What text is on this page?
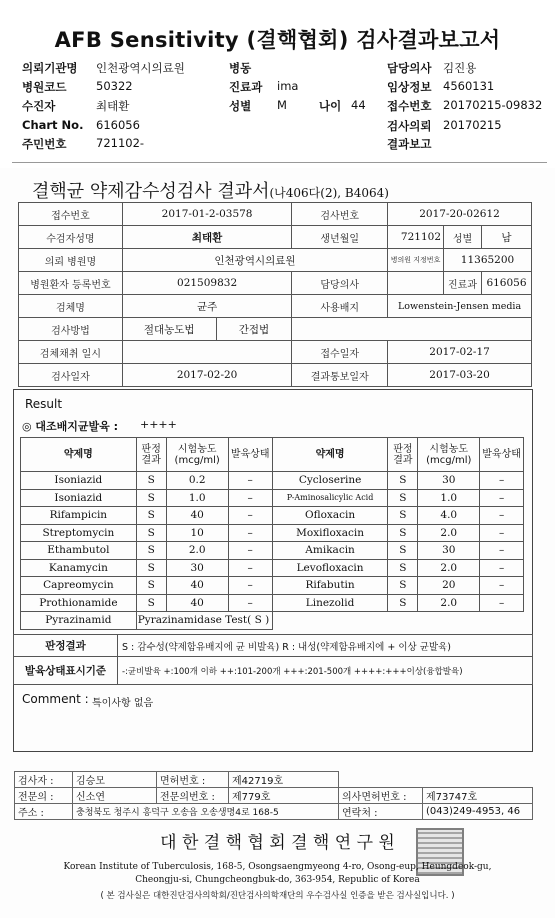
AFB Sensitivity (결핵협회) 검사결과보고서
의뢰기관명 인천광역시의료원
병원코드	50322
수진자	최태환
Chart No. 616056
주민번호	721102-
병동
진료과 ima
성별 M	나이 44
담당의사 김진용
임상정보 4560131
접수번호 20170215-09832
검사의뢰 20170215
결과보고
결핵균 약제감수성검사 결과서(나406다(2), B4064)
접수번호	2017-01-2-03578		검사번호	2017-20-02612		
수검자성명	최태환		생년월일	721102	성별	남
의뢰 병원명	인천광역시의료원			병의원 지정번호	11365200	
병원환자 등록번호	021509832		담당의사		진료과	616056
검체명	균주		사용배지	Lowenstein-Jensen media		
검사방법	절대농도법	간접법				
검체채취 일시			접수일자	2017-02-17		
검사일자	2017-02-20		결과통보일자	2017-03-20		
Result
◎ 대조배지균발육 : ++++
약제명	판정결과	시험농도(mcg/ml)	발육상태	약제명	판정결과	시험농도(mcg/ml)	발육상태
Isoniazid	S	0.2	–	Cycloserine	S	30	–
Isoniazid	S	1.0	–	P-Aminosalicylic Acid	S	1.0	–
Rifampicin	S	40	–	Ofloxacin	S	4.0	–
Streptomycin	S	10	–	Moxifloxacin	S	2.0	–
Ethambutol	S	2.0	–	Amikacin	S	30	–
Kanamycin	S	30	–	Levofloxacin	S	2.0	–
Capreomycin	S	40	–	Rifabutin	S	20	–
Prothionamide	S	40	–	Linezolid	S	2.0	–
Pyrazinamid	Pyrazinamidase Test( S )						
판정결과	S : 감수성(약제함유배지에 균 비발육) R : 내성(약제함유배지에 + 이상 균발육)
발육상태표시기준	-:균비발육 +:100개 이하 ++:101-200개 +++:201-500개 ++++:+++이상(융합발육)
Comment : 특이사항 없음
검사자 :	김승모	면허번호 :	제42719호		
전문의 :	신소연	전문의번호 :	제779호	의사면허번호 :	제73747호
주소 :	충청북도 청주시 흥덕구 오송읍 오송생명4로 168-5			연락처 :	(043)249-4953, 46
대 한 결 핵 협 회 결 핵 연 구 원
Korean Institute of Tuberculosis, 168-5, Osongsaengmyeong 4-ro, Osong-eup, Heungdeok-gu,
Cheongju-si, Chungcheongbuk-do, 363-954, Republic of Korea
( 본 검사실은 대한진단검사의학회/진단검사의학재단의 우수검사실 인증을 받은 검사실입니다. )
